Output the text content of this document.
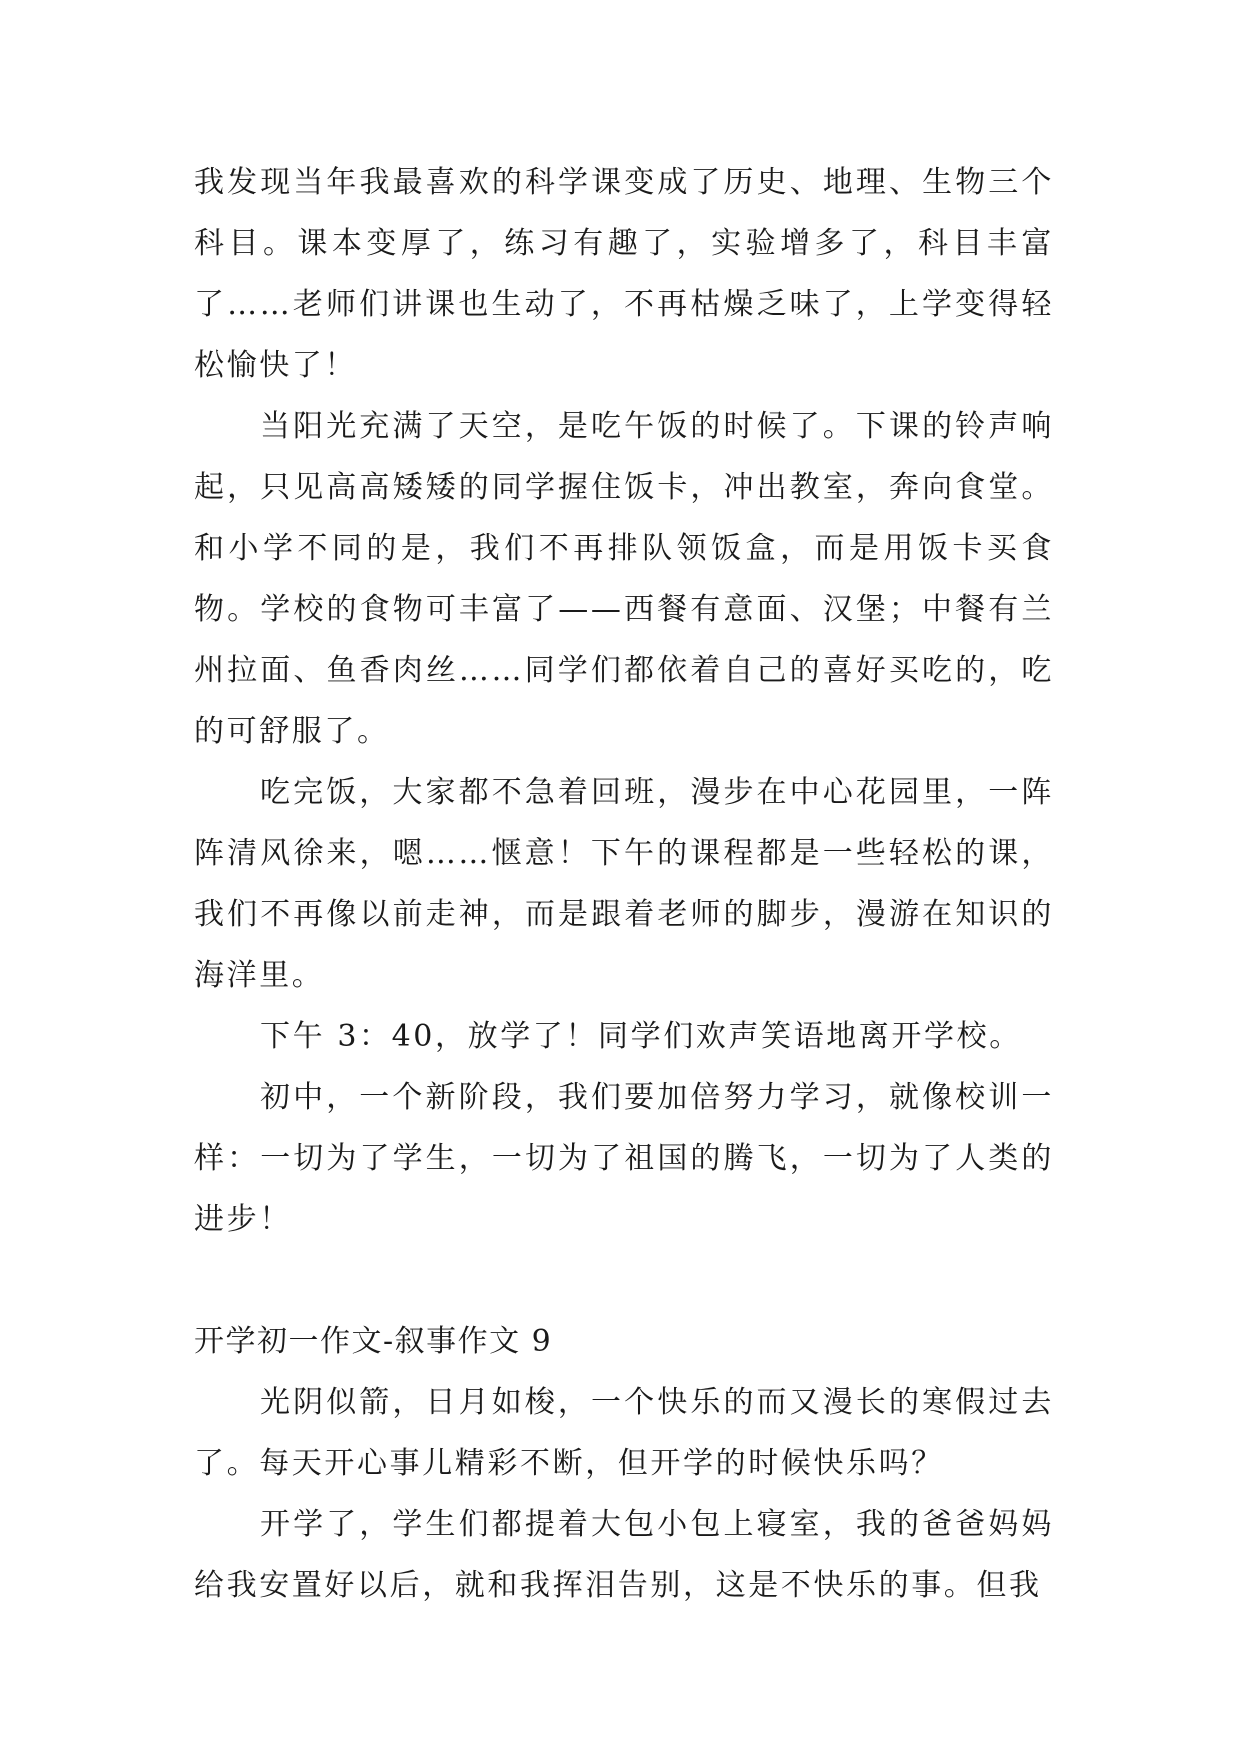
我发现当年我最喜欢的科学课变成了历史、地理、生物三个科目。课本变厚了，练习有趣了，实验增多了，科目丰富了……老师们讲课也生动了，不再枯燥乏味了，上学变得轻松愉快了！

当阳光充满了天空，是吃午饭的时候了。下课的铃声响起，只见高高矮矮的同学握住饭卡，冲出教室，奔向食堂。和小学不同的是，我们不再排队领饭盒，而是用饭卡买食物。学校的食物可丰富了——西餐有意面、汉堡；中餐有兰州拉面、鱼香肉丝……同学们都依着自己的喜好买吃的，吃的可舒服了。

吃完饭，大家都不急着回班，漫步在中心花园里，一阵阵清风徐来，嗯……惬意！下午的课程都是一些轻松的课，我们不再像以前走神，而是跟着老师的脚步，漫游在知识的海洋里。

下午 3：40，放学了！同学们欢声笑语地离开学校。

初中，一个新阶段，我们要加倍努力学习，就像校训一样：一切为了学生，一切为了祖国的腾飞，一切为了人类的进步！

开学初一作文-叙事作文 9

光阴似箭，日月如梭，一个快乐的而又漫长的寒假过去了。每天开心事儿精彩不断，但开学的时候快乐吗？

开学了，学生们都提着大包小包上寝室，我的爸爸妈妈给我安置好以后，就和我挥泪告别，这是不快乐的事。但我
